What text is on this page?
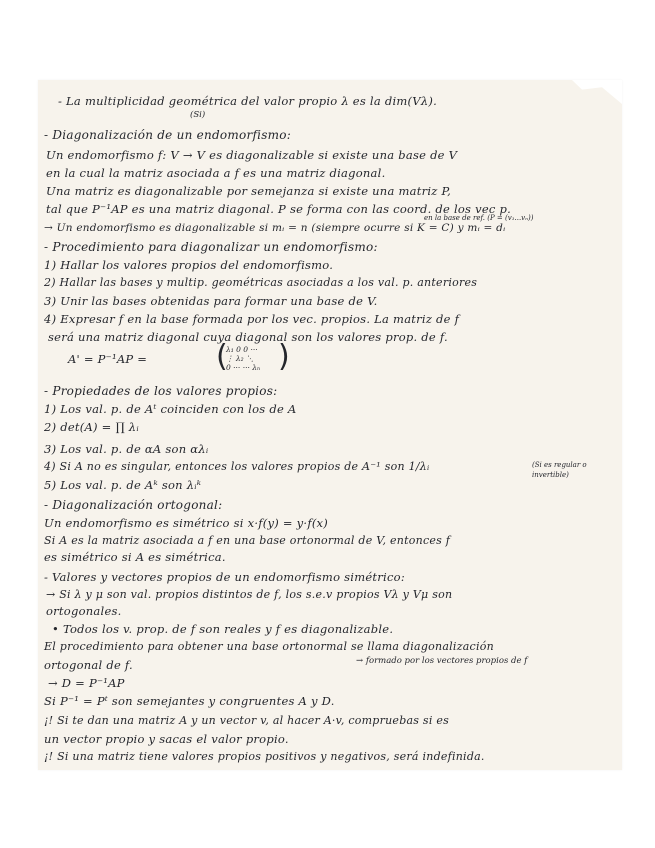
- La multiplicidad geométrica del valor propio λ es la dim(Vλ).
(Si)
- Diagonalización de un endomorfismo:
Un endomorfismo f: V → V es diagonalizable si existe una base de V
en la cual la matriz asociada a f es una matriz diagonal.
Una matriz es diagonalizable por semejanza si existe una matriz P,
tal que P⁻¹AP es una matriz diagonal. P se forma con las coord. de los vec p.
en la base de ref. (P = (v₁...vₙ))
→ Un endomorfismo es diagonalizable si mᵢ = n (siempre ocurre si K = C) y mᵢ = dᵢ
- Procedimiento para diagonalizar un endomorfismo:
1) Hallar los valores propios del endomorfismo.
2) Hallar las bases y multip. geométricas asociadas a los val. p. anteriores
3) Unir las bases obtenidas para formar una base de V.
4) Expresar f en la base formada por los vec. propios. La matriz de f
será una matriz diagonal cuya diagonal son los valores prop. de f.
A' = P⁻¹AP = (
λ₁ 0 0 ···
⋮ λ₂ ⋱
0 ··· ··· λₙ )
- Propiedades de los valores propios:
1) Los val. p. de Aᵗ coinciden con los de A
2) det(A) = ∏ λᵢ
3) Los val. p. de αA son αλᵢ
4) Si A no es singular, entonces los valores propios de A⁻¹ son 1/λᵢ	(Si es regular o invertible)
5) Los val. p. de Aᵏ son λᵢᵏ
- Diagonalización ortogonal:
Un endomorfismo es simétrico si x·f(y) = y·f(x)
Si A es la matriz asociada a f en una base ortonormal de V, entonces f
es simétrico si A es simétrica.
- Valores y vectores propios de un endomorfismo simétrico:
→ Si λ y μ son val. propios distintos de f, los s.e.v propios Vλ y Vμ son
ortogonales.
• Todos los v. prop. de f son reales y f es diagonalizable.
El procedimiento para obtener una base ortonormal se llama diagonalización
ortogonal de f.	→ formado por los vectores propios de f
→ D = P⁻¹AP
Si P⁻¹ = Pᵗ son semejantes y congruentes A y D.
¡! Si te dan una matriz A y un vector v, al hacer A·v, compruebas si es
un vector propio y sacas el valor propio.
¡! Si una matriz tiene valores propios positivos y negativos, será indefinida.
